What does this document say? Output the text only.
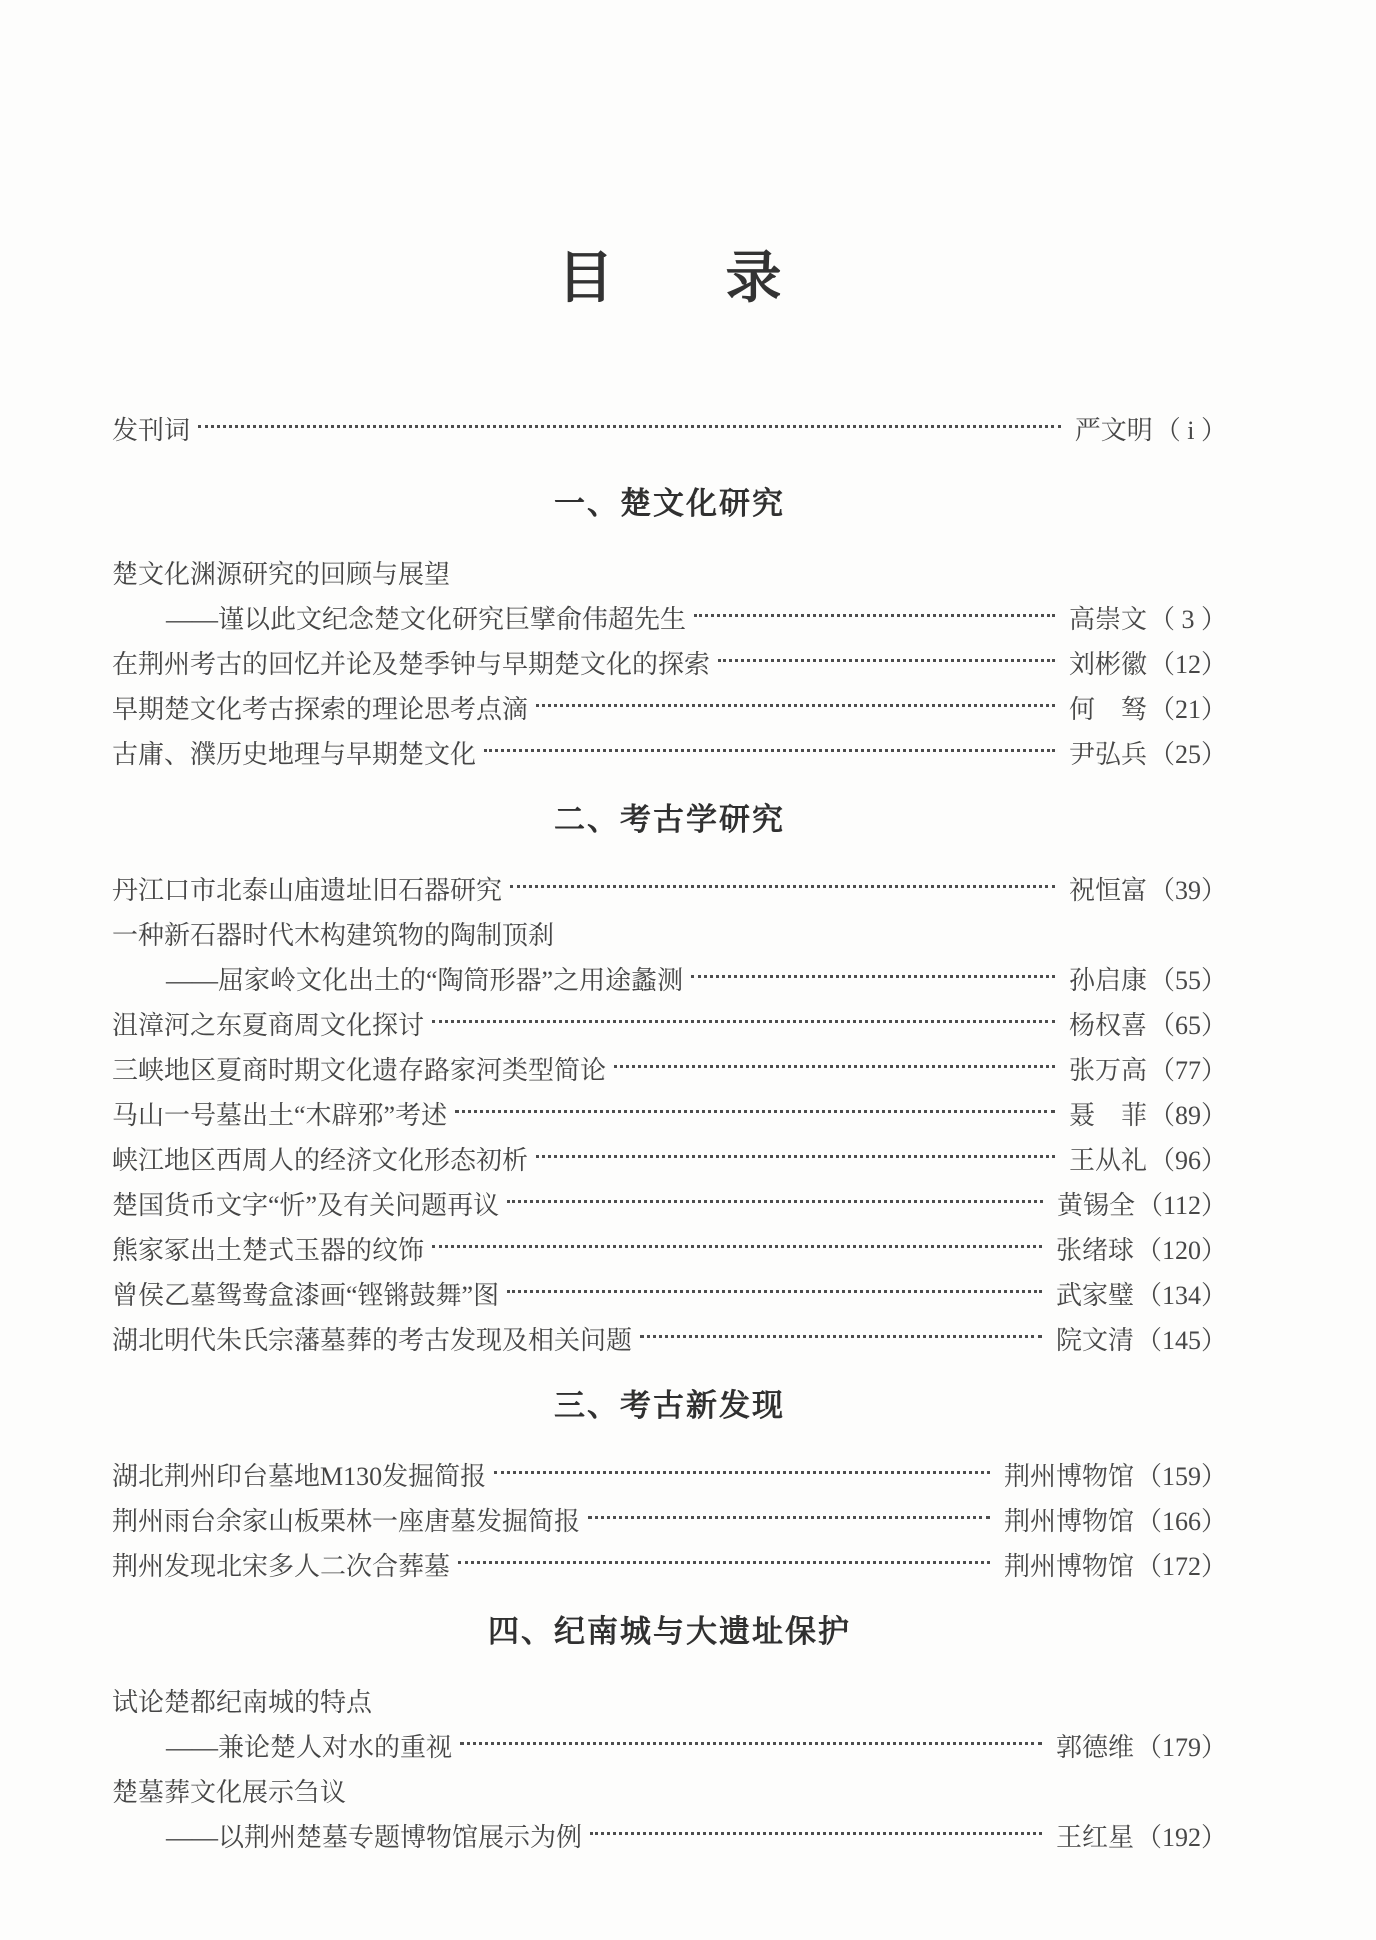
目 录
发刊词	严文明 （ i ）
一、楚文化研究
楚文化渊源研究的回顾与展望
——谨以此文纪念楚文化研究巨擘俞伟超先生	高崇文 （ 3 ）
在荆州考古的回忆并论及楚季钟与早期楚文化的探索	刘彬徽 （12）
早期楚文化考古探索的理论思考点滴	何　驽 （21）
古庸、濮历史地理与早期楚文化	尹弘兵 （25）
二、考古学研究
丹江口市北泰山庙遗址旧石器研究	祝恒富 （39）
一种新石器时代木构建筑物的陶制顶刹
——屈家岭文化出土的“陶筒形器”之用途蠡测	孙启康 （55）
沮漳河之东夏商周文化探讨	杨权喜 （65）
三峡地区夏商时期文化遗存路家河类型简论	张万高 （77）
马山一号墓出土“木辟邪”考述	聂　菲 （89）
峡江地区西周人的经济文化形态初析	王从礼 （96）
楚国货币文字“忻”及有关问题再议	黄锡全 （112）
熊家冢出土楚式玉器的纹饰	张绪球 （120）
曾侯乙墓鸳鸯盒漆画“铿锵鼓舞”图	武家璧 （134）
湖北明代朱氏宗藩墓葬的考古发现及相关问题	院文清 （145）
三、考古新发现
湖北荆州印台墓地M130发掘简报	荆州博物馆 （159）
荆州雨台余家山板栗林一座唐墓发掘简报	荆州博物馆 （166）
荆州发现北宋多人二次合葬墓	荆州博物馆 （172）
四、纪南城与大遗址保护
试论楚都纪南城的特点
——兼论楚人对水的重视	郭德维 （179）
楚墓葬文化展示刍议
——以荆州楚墓专题博物馆展示为例	王红星 （192）
